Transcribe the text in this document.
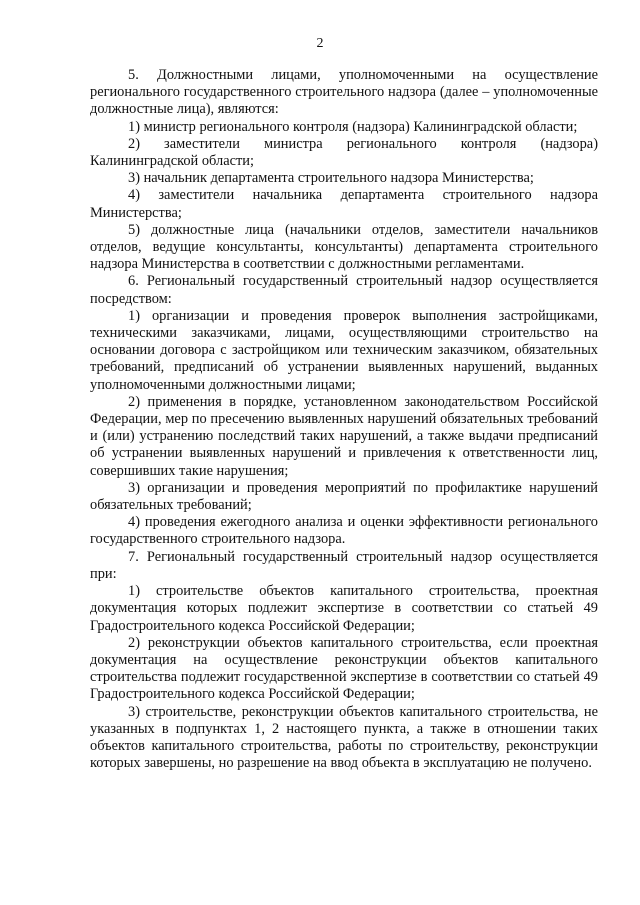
2

5. Должностными лицами, уполномоченными на осуществление регионального государственного строительного надзора (далее – уполномоченные должностные лица), являются:

1) министр регионального контроля (надзора) Калининградской области;

2) заместители министра регионального контроля (надзора) Калининградской области;

3) начальник департамента строительного надзора Министерства;

4) заместители начальника департамента строительного надзора Министерства;

5) должностные лица (начальники отделов, заместители начальников отделов, ведущие консультанты, консультанты) департамента строительного надзора Министерства в соответствии с должностными регламентами.

6. Региональный государственный строительный надзор осуществляется посредством:

1) организации и проведения проверок выполнения застройщиками, техническими заказчиками, лицами, осуществляющими строительство на основании договора с застройщиком или техническим заказчиком, обязательных требований, предписаний об устранении выявленных нарушений, выданных уполномоченными должностными лицами;

2) применения в порядке, установленном законодательством Российской Федерации, мер по пресечению выявленных нарушений обязательных требований и (или) устранению последствий таких нарушений, а также выдачи предписаний об устранении выявленных нарушений и привлечения к ответственности лиц, совершивших такие нарушения;

3) организации и проведения мероприятий по профилактике нарушений обязательных требований;

4) проведения ежегодного анализа и оценки эффективности регионального государственного строительного надзора.

7. Региональный государственный строительный надзор осуществляется при:

1) строительстве объектов капитального строительства, проектная документация которых подлежит экспертизе в соответствии со статьей 49 Градостроительного кодекса Российской Федерации;

2) реконструкции объектов капитального строительства, если проектная документация на осуществление реконструкции объектов капитального строительства подлежит государственной экспертизе в соответствии со статьей 49 Градостроительного кодекса Российской Федерации;

3) строительстве, реконструкции объектов капитального строительства, не указанных в подпунктах 1, 2 настоящего пункта, а также в отношении таких объектов капитального строительства, работы по строительству, реконструкции которых завершены, но разрешение на ввод объекта в эксплуатацию не получено.
